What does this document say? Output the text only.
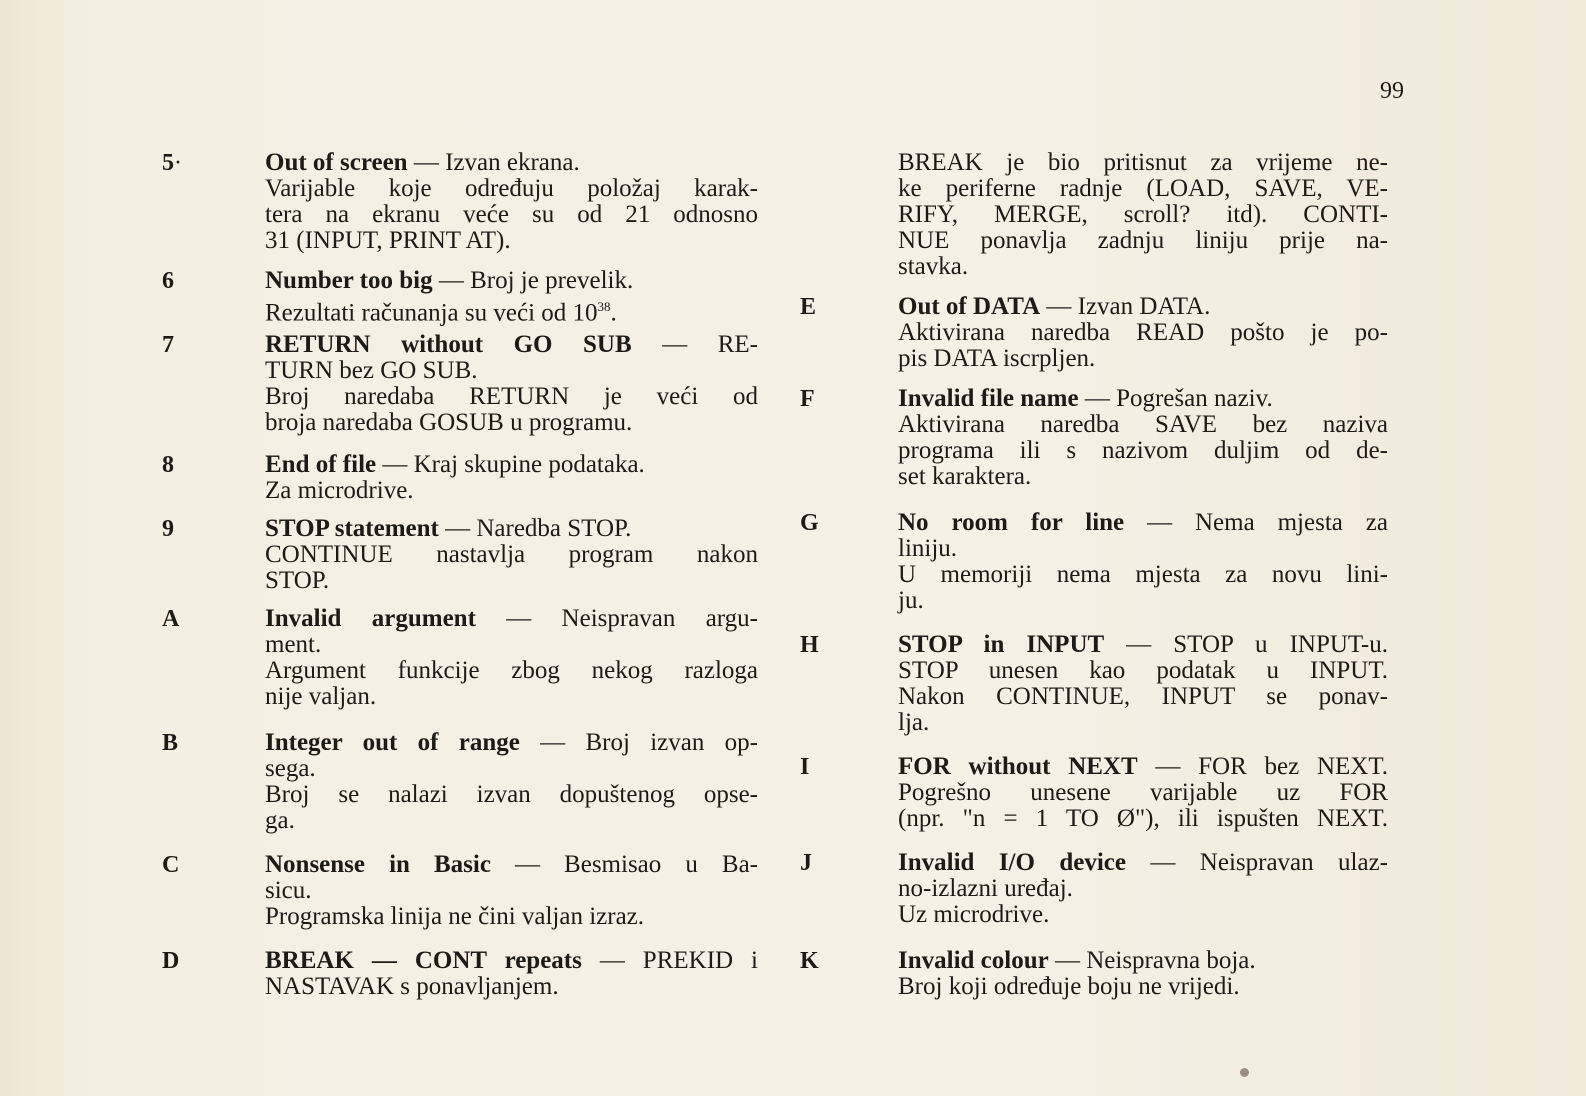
99
5·	Out of screen — Izvan ekrana.
Varijable koje određuju položaj karak-
tera na ekranu veće su od 21 odnosno
31 (INPUT, PRINT AT).
6	Number too big — Broj je prevelik.
Rezultati računanja su veći od $10^{38}$.
7	RETURN without GO SUB — RE-
TURN bez GO SUB.
Broj naredaba RETURN je veći od
broja naredaba GOSUB u programu.
8	End of file — Kraj skupine podataka.
Za microdrive.
9	STOP statement — Naredba STOP.
CONTINUE nastavlja program nakon
STOP.
A	Invalid argument — Neispravan argu-
ment.
Argument funkcije zbog nekog razloga
nije valjan.
B	Integer out of range — Broj izvan op-
sega.
Broj se nalazi izvan dopuštenog opse-
ga.
C	Nonsense in Basic — Besmisao u Ba-
sicu.
Programska linija ne čini valjan izraz.
D	BREAK — CONT repeats — PREKID i
NASTAVAK s ponavljanjem.
BREAK je bio pritisnut za vrijeme ne-
ke periferne radnje (LOAD, SAVE, VE-
RIFY, MERGE, scroll? itd). CONTI-
NUE ponavlja zadnju liniju prije na-
stavka.
E	Out of DATA — Izvan DATA.
Aktivirana naredba READ pošto je po-
pis DATA iscrpljen.
F	Invalid file name — Pogrešan naziv.
Aktivirana naredba SAVE bez naziva
programa ili s nazivom duljim od de-
set karaktera.
G	No room for line — Nema mjesta za
liniju.
U memoriji nema mjesta za novu lini-
ju.
H	STOP in INPUT — STOP u INPUT-u.
STOP unesen kao podatak u INPUT.
Nakon CONTINUE, INPUT se ponav-
lja.
I	FOR without NEXT — FOR bez NEXT.
Pogrešno unesene varijable uz FOR
(npr. "n = 1 TO Ø"), ili ispušten NEXT.
J	Invalid I/O device — Neispravan ulaz-
no-izlazni uređaj.
Uz microdrive.
K	Invalid colour — Neispravna boja.
Broj koji određuje boju ne vrijedi.
